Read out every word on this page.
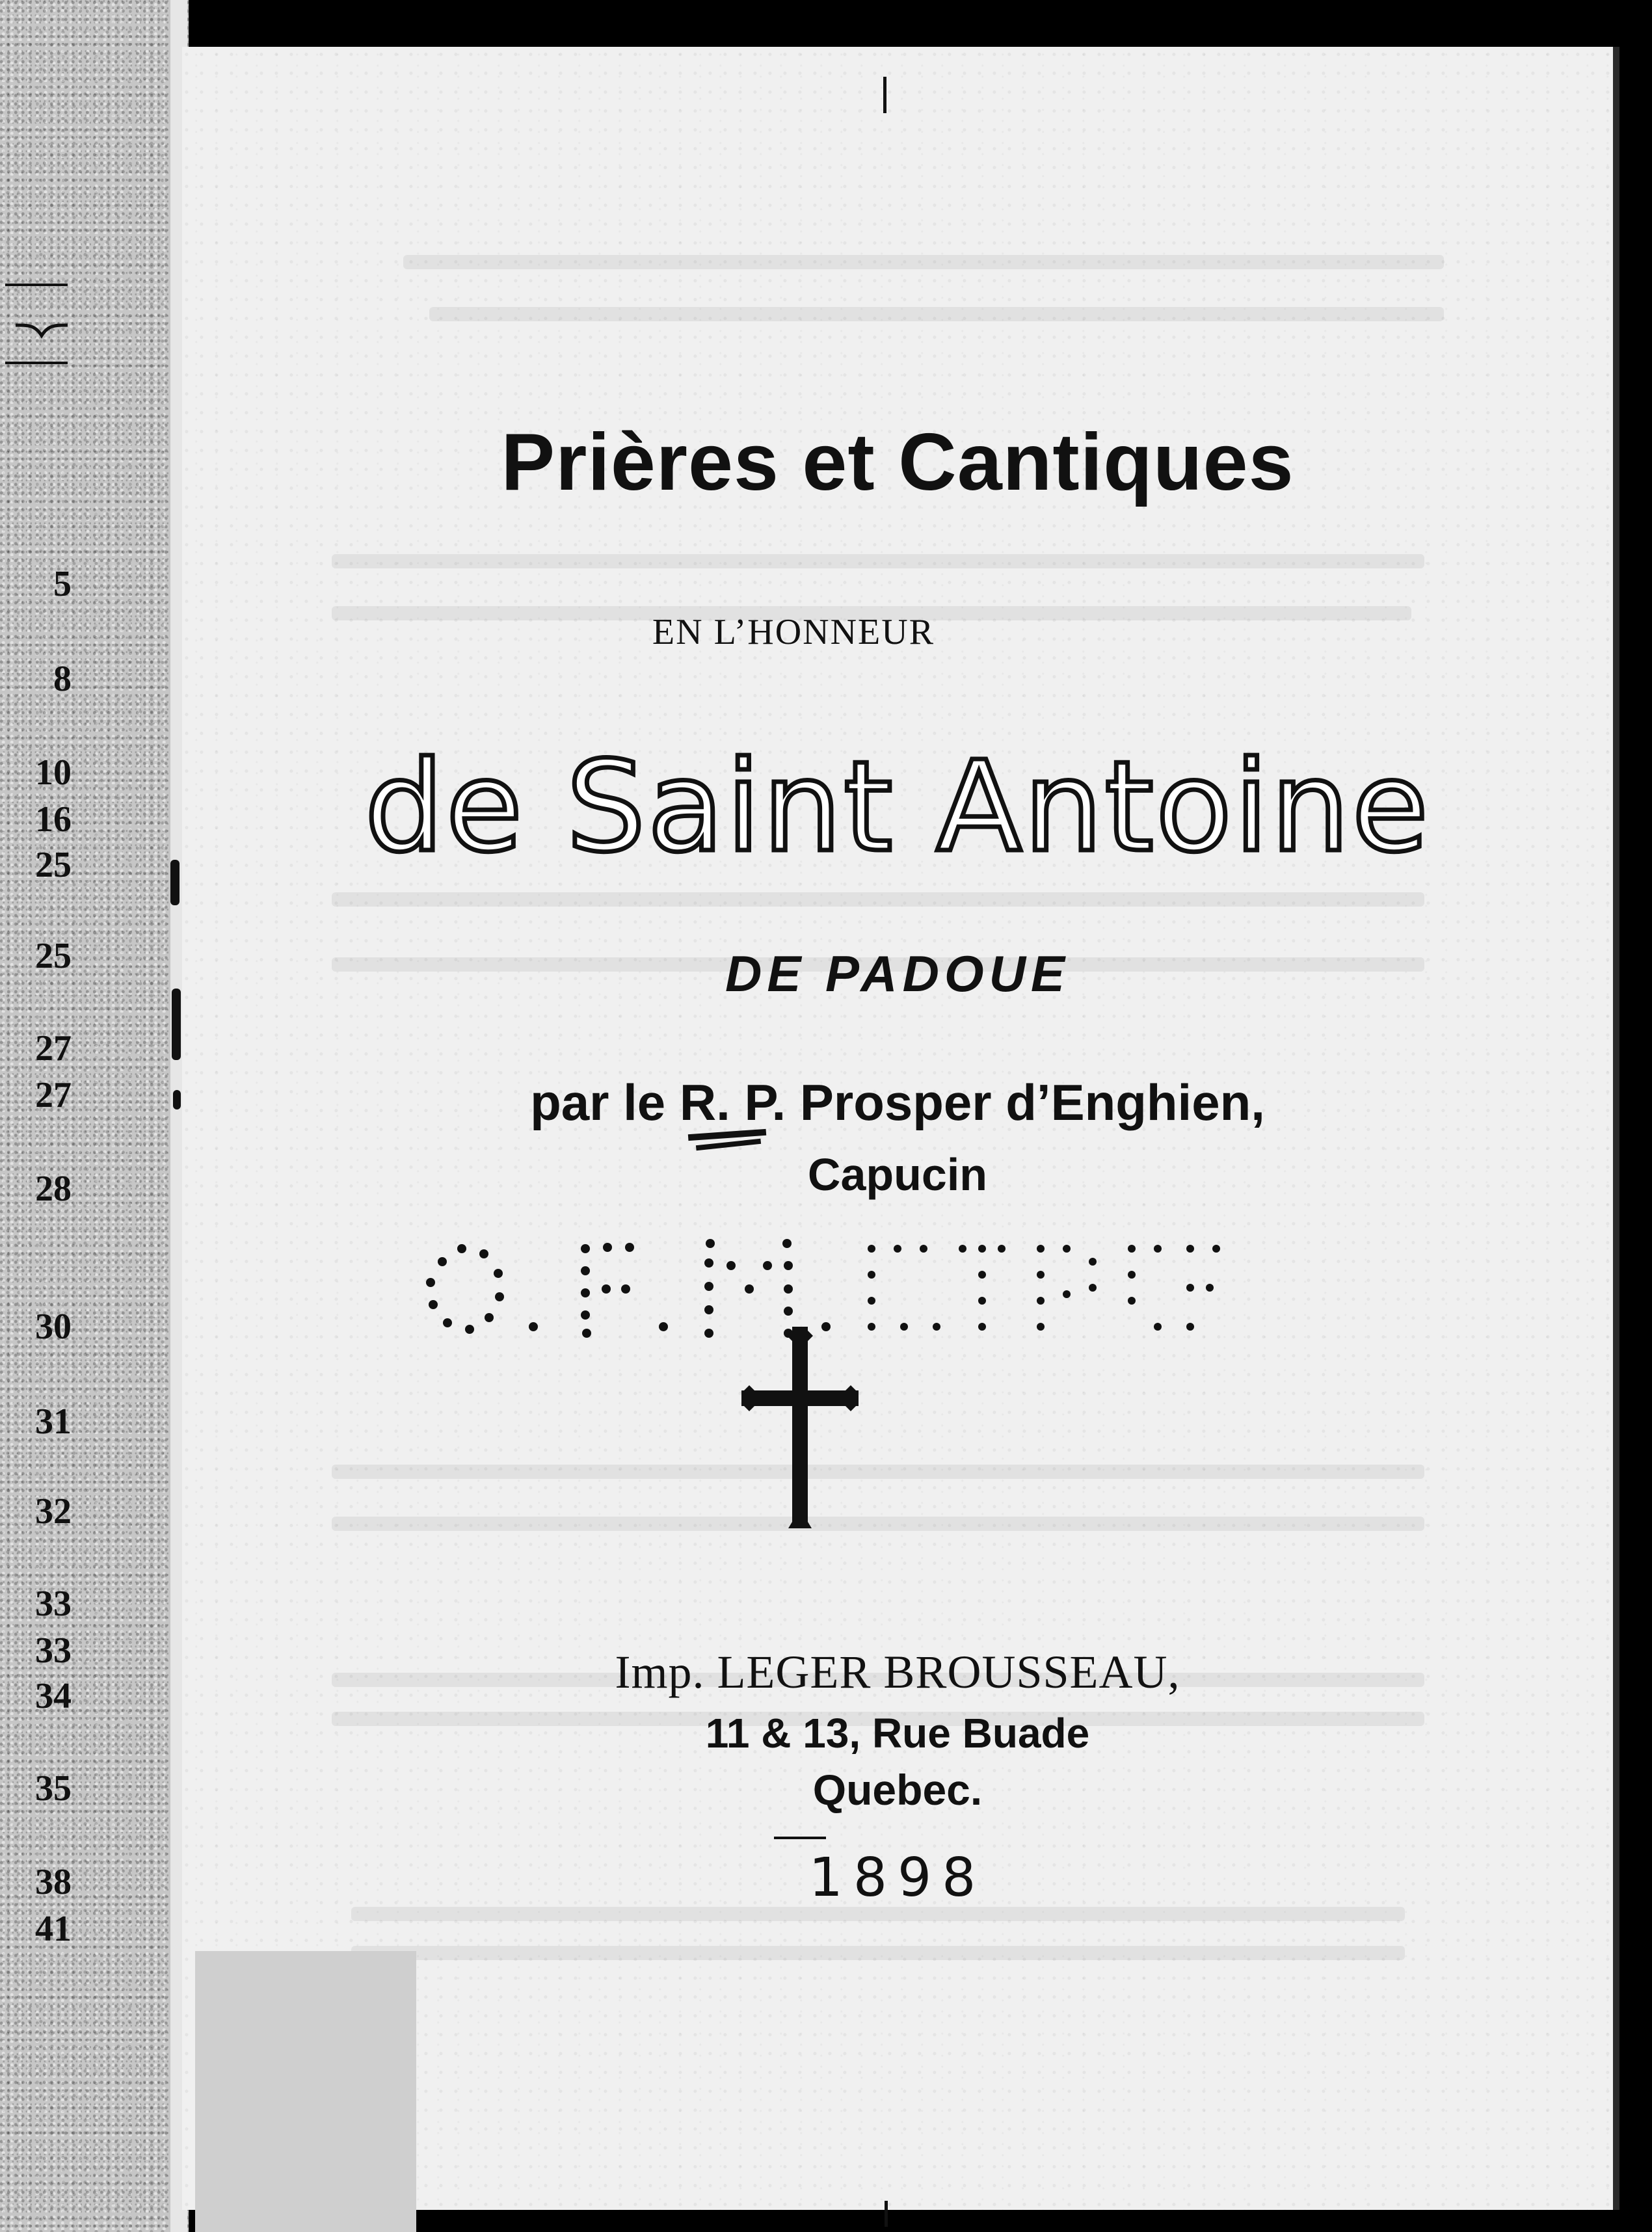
5
8
10
16
25
25
27
27
28
30
31
32
33
33
34
35
38
41
Prières et Cantiques
EN L’HONNEUR
de Saint Antoine
DE PADOUE
par le R. P. Prosper d’Enghien,
Capucin
Imp. LEGER BROUSSEAU,
11 & 13, Rue Buade
Quebec.
1898
